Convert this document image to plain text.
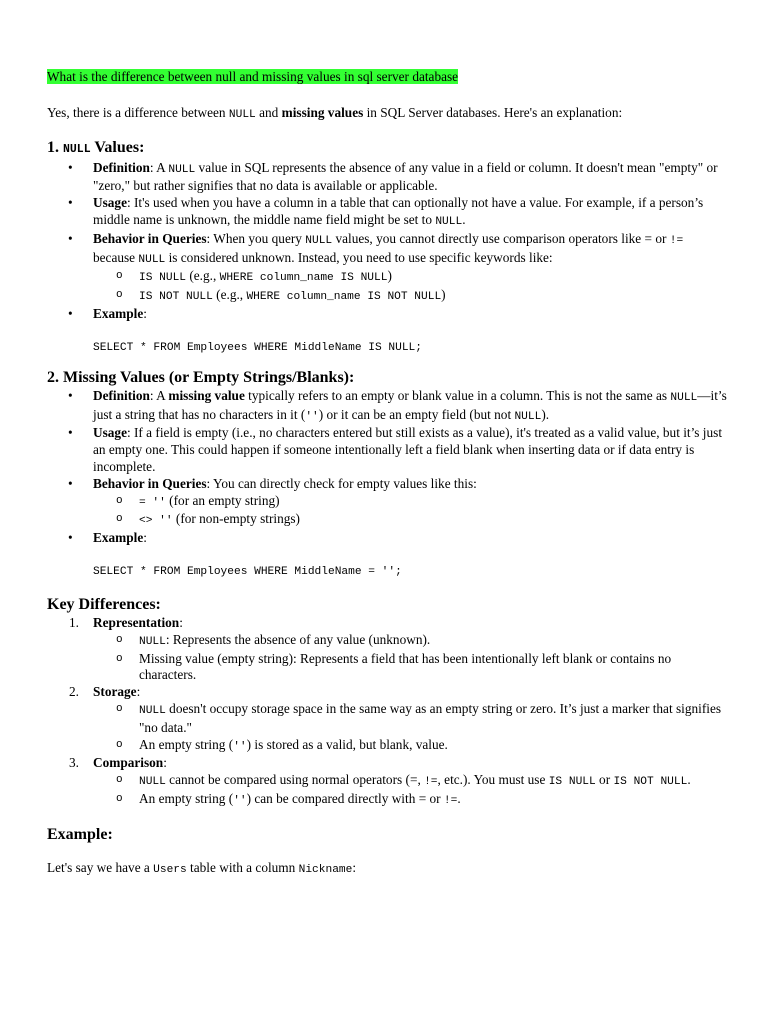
What is the difference between null and missing values in sql server database

Yes, there is a difference between NULL and missing values in SQL Server databases. Here's an explanation:

1. NULL Values:
• Definition: A NULL value in SQL represents the absence of any value in a field or column. It doesn't mean "empty" or "zero," but rather signifies that no data is available or applicable.
• Usage: It's used when you have a column in a table that can optionally not have a value. For example, if a person’s middle name is unknown, the middle name field might be set to NULL.
• Behavior in Queries: When you query NULL values, you cannot directly use comparison operators like = or != because NULL is considered unknown. Instead, you need to use specific keywords like:
o IS NULL (e.g., WHERE column_name IS NULL)
o IS NOT NULL (e.g., WHERE column_name IS NOT NULL)
• Example:
SELECT * FROM Employees WHERE MiddleName IS NULL;
2. Missing Values (or Empty Strings/Blanks):
• Definition: A missing value typically refers to an empty or blank value in a column. This is not the same as NULL—it’s just a string that has no characters in it ('') or it can be an empty field (but not NULL).
• Usage: If a field is empty (i.e., no characters entered but still exists as a value), it's treated as a valid value, but it’s just an empty one. This could happen if someone intentionally left a field blank when inserting data or if data entry is incomplete.
• Behavior in Queries: You can directly check for empty values like this:
o = '' (for an empty string)
o <> '' (for non-empty strings)
• Example:
SELECT * FROM Employees WHERE MiddleName = '';
Key Differences:
1. Representation:
o NULL: Represents the absence of any value (unknown).
o Missing value (empty string): Represents a field that has been intentionally left blank or contains no characters.
2. Storage:
o NULL doesn't occupy storage space in the same way as an empty string or zero. It’s just a marker that signifies "no data."
o An empty string ('') is stored as a valid, but blank, value.
3. Comparison:
o NULL cannot be compared using normal operators (=, !=, etc.). You must use IS NULL or IS NOT NULL.
o An empty string ('') can be compared directly with = or !=.
Example:

Let's say we have a Users table with a column Nickname:
